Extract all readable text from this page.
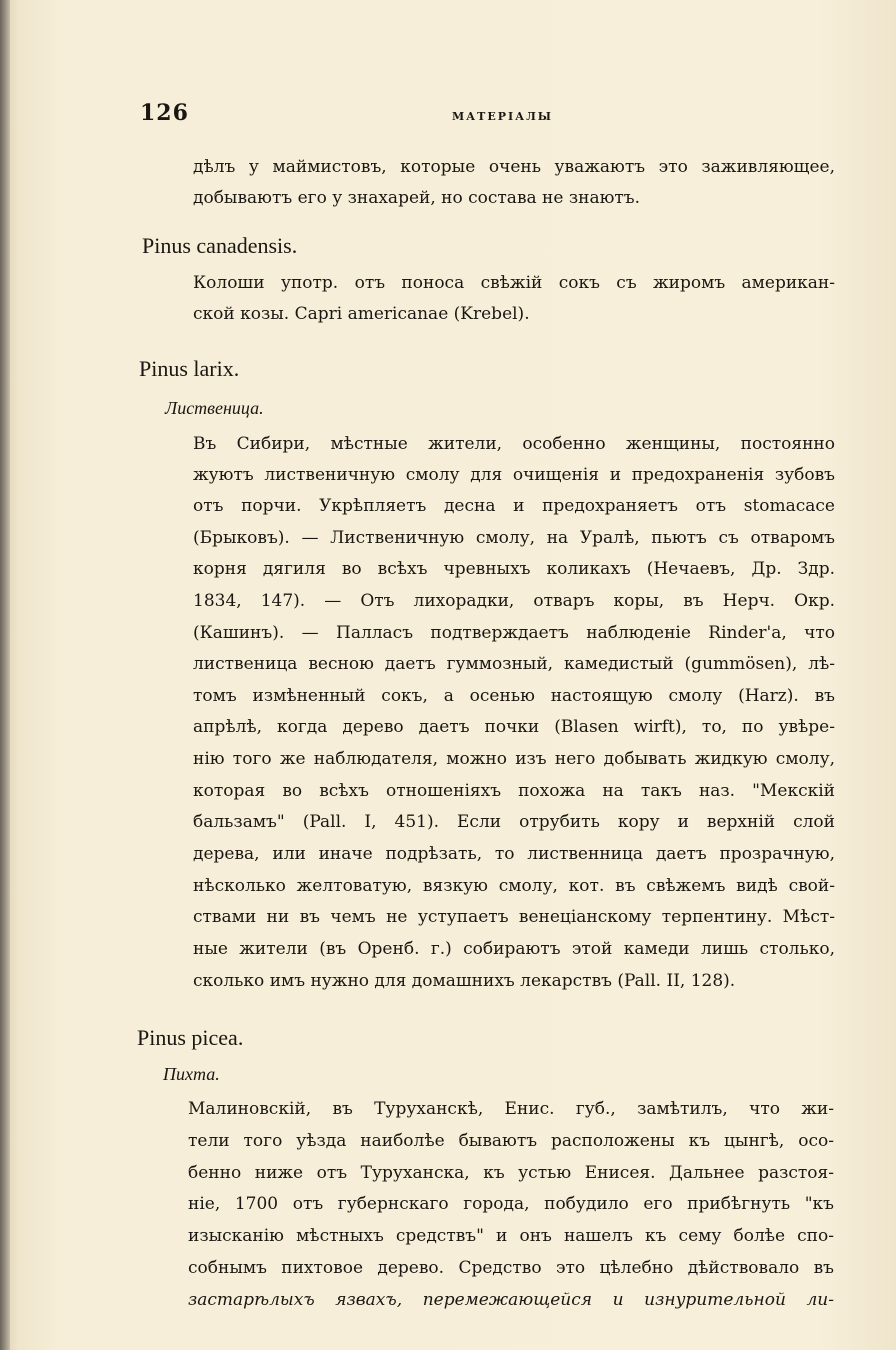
126	МАТЕРІАЛЫ

дѣлъ у маймистовъ, которые очень уважаютъ это заживляющее,

добываютъ его у знахарей, но состава не знаютъ.

Pinus canadensis.

Колоши употр. отъ поноса свѣжій сокъ съ жиромъ американ-

ской козы. Capri americanae (Krebel).

Pinus larix.
Лиственица.

Въ Сибири, мѣстные жители, особенно женщины, постоянно

жуютъ лиственичную смолу для очищенія и предохраненія зубовъ

отъ порчи. Укрѣпляетъ десна и предохраняетъ отъ stomacace

(Брыковъ). — Лиственичную смолу, на Уралѣ, пьютъ съ отваромъ

корня дягиля во всѣхъ чревныхъ коликахъ (Нечаевъ, Др. Здр.

1834, 147). — Отъ лихорадки, отваръ коры, въ Нерч. Окр.

(Кашинъ). — Палласъ подтверждаетъ наблюденіе Rinder'а, что

лиственица весною даетъ гуммозный, камедистый (gummösen), лѣ-

томъ измѣненный сокъ, а осенью настоящую смолу (Harz). въ

апрѣлѣ, когда дерево даетъ почки (Blasen wirft), то, по увѣре-

нію того же наблюдателя, можно изъ него добывать жидкую смолу,

которая во всѣхъ отношеніяхъ похожа на такъ наз. "Мекскій

бальзамъ" (Pall. I, 451). Если отрубить кору и верхній слой

дерева, или иначе подрѣзать, то лиственница даетъ прозрачную,

нѣсколько желтоватую, вязкую смолу, кот. въ свѣжемъ видѣ свой-

ствами ни въ чемъ не уступаетъ венеціанскому терпентину. Мѣст-

ные жители (въ Оренб. г.) собираютъ этой камеди лишь столько,

сколько имъ нужно для домашнихъ лекарствъ (Pall. II, 128).

Pinus picea.
Пихта.

Малиновскій, въ Туруханскѣ, Енис. губ., замѣтилъ, что жи-

тели того уѣзда наиболѣе бываютъ расположены къ цынгѣ, осо-

бенно ниже отъ Туруханска, къ устью Енисея. Дальнее разстоя-

ніе, 1700 отъ губернскаго города, побудило его прибѣгнуть "къ

изысканію мѣстныхъ средствъ" и онъ нашелъ къ сему болѣе спо-

собнымъ пихтовое дерево. Средство это цѣлебно дѣйствовало въ

застарѣлыхъ язвахъ, перемежающейся и изнурительной ли-
